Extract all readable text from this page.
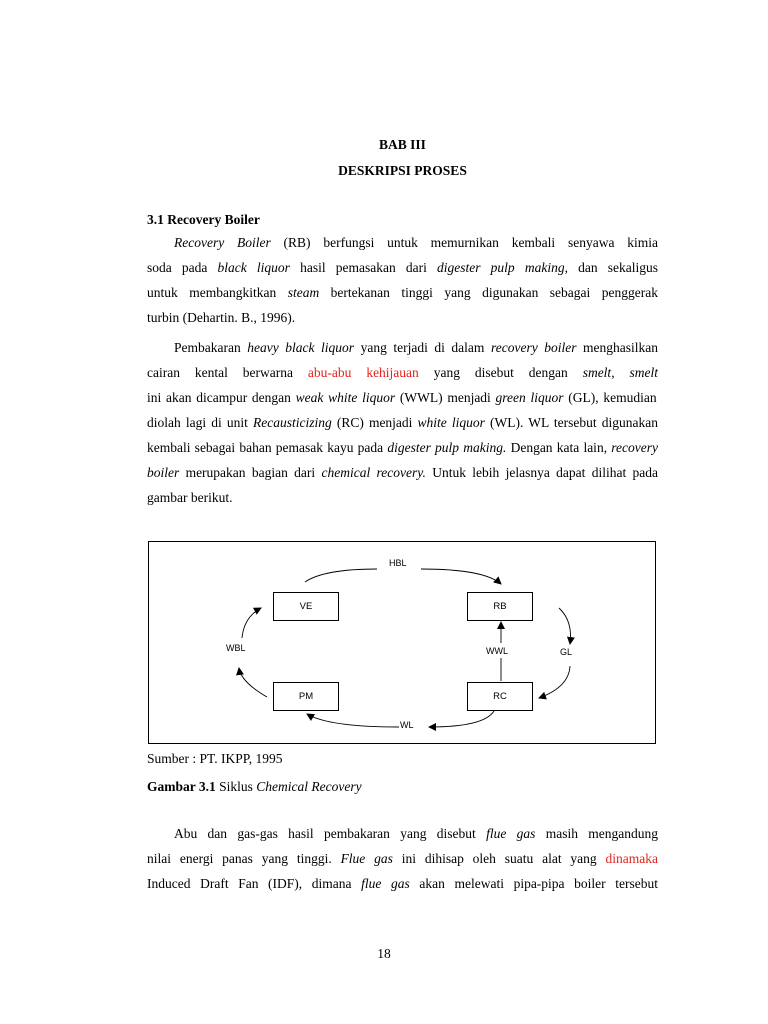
BAB III
DESKRIPSI PROSES
3.1 Recovery Boiler
Recovery Boiler (RB) berfungsi untuk memurnikan kembali senyawa kimia
soda pada black liquor hasil pemasakan dari digester pulp making, dan sekaligus
untuk membangkitkan steam bertekanan tinggi yang digunakan sebagai penggerak
turbin (Dehartin. B., 1996).

Pembakaran heavy black liquor yang terjadi di dalam recovery boiler menghasilkan cairan kental berwarna abu-abu kehijauan yang disebut dengan smelt, smelt ini akan dicampur dengan weak white liquor (WWL) menjadi green liquor (GL), kemudian diolah lagi di unit Recausticizing (RC) menjadi white liquor (WL). WL tersebut digunakan kembali sebagai bahan pemasak kayu pada digester pulp making. Dengan kata lain, recovery boiler merupakan bagian dari chemical recovery. Untuk lebih jelasnya dapat dilihat pada gambar berikut.

VE	RB
PM	RC
HBL
WBL	WWL	GL
WL
Sumber : PT. IKPP, 1995
Gambar 3.1 Siklus Chemical Recovery
Abu dan gas-gas hasil pembakaran yang disebut flue gas masih mengandung
nilai energi panas yang tinggi. Flue gas ini dihisap oleh suatu alat yang dinamaka
Induced Draft Fan (IDF), dimana flue gas akan melewati pipa-pipa boiler tersebut
18
